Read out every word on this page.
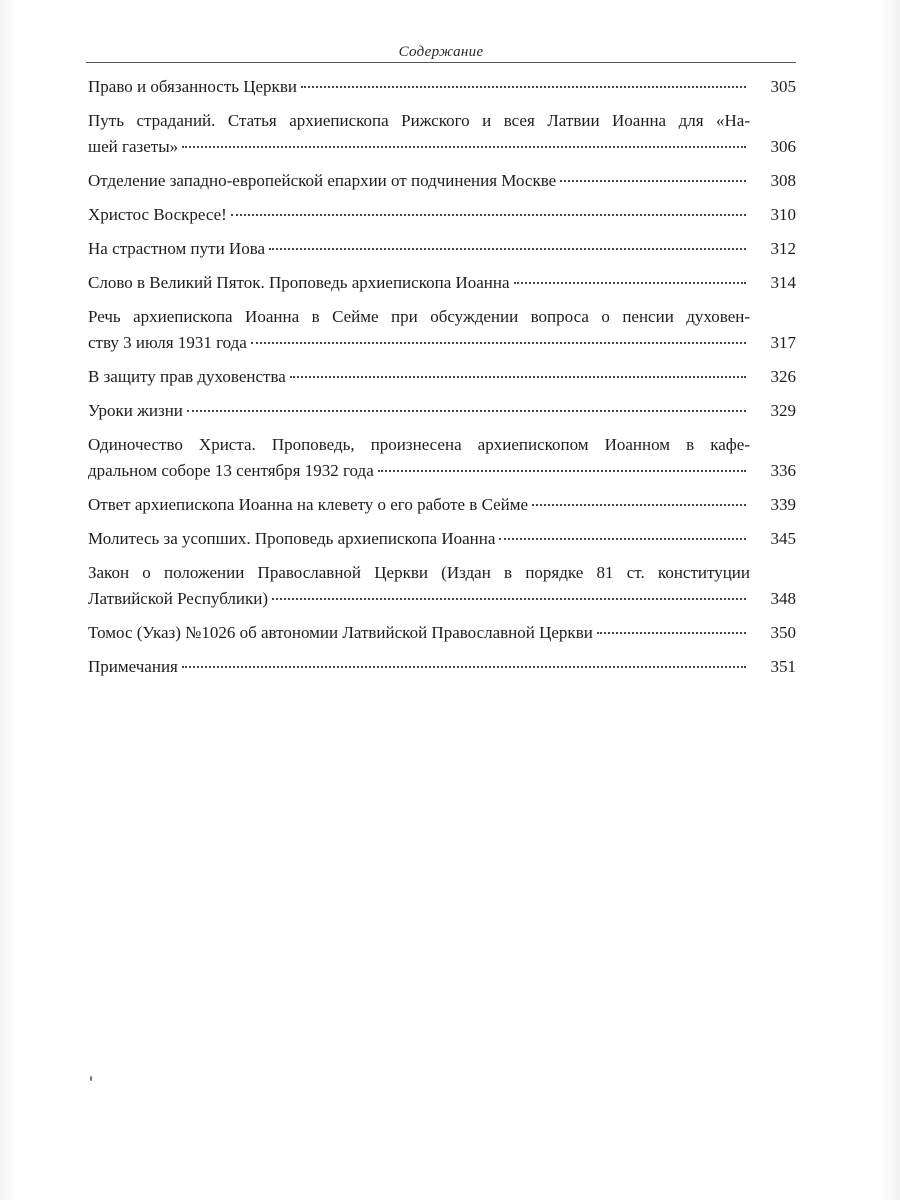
Содержание
Право и обязанность Церкви	305
Путь страданий. Статья архиепископа Рижского и всея Латвии Иоанна для «На-
шей газеты»	306
Отделение западно-европейской епархии от подчинения Москве	308
Христос Воскресе!	310
На страстном пути Иова	312
Слово в Великий Пяток. Проповедь архиепископа Иоанна	314
Речь архиепископа Иоанна в Сейме при обсуждении вопроса о пенсии духовен-
ству 3 июля 1931 года	317
В защиту прав духовенства	326
Уроки жизни	329
Одиночество Христа. Проповедь, произнесена архиепископом Иоанном в кафе-
дральном соборе 13 сентября 1932 года	336
Ответ архиепископа Иоанна на клевету о его работе в Сейме	339
Молитесь за усопших. Проповедь архиепископа Иоанна	345
Закон о положении Православной Церкви (Издан в порядке 81 ст. конституции
Латвийской Республики)	348
Томос (Указ) №1026 об автономии Латвийской Православной Церкви	350
Примечания	351
